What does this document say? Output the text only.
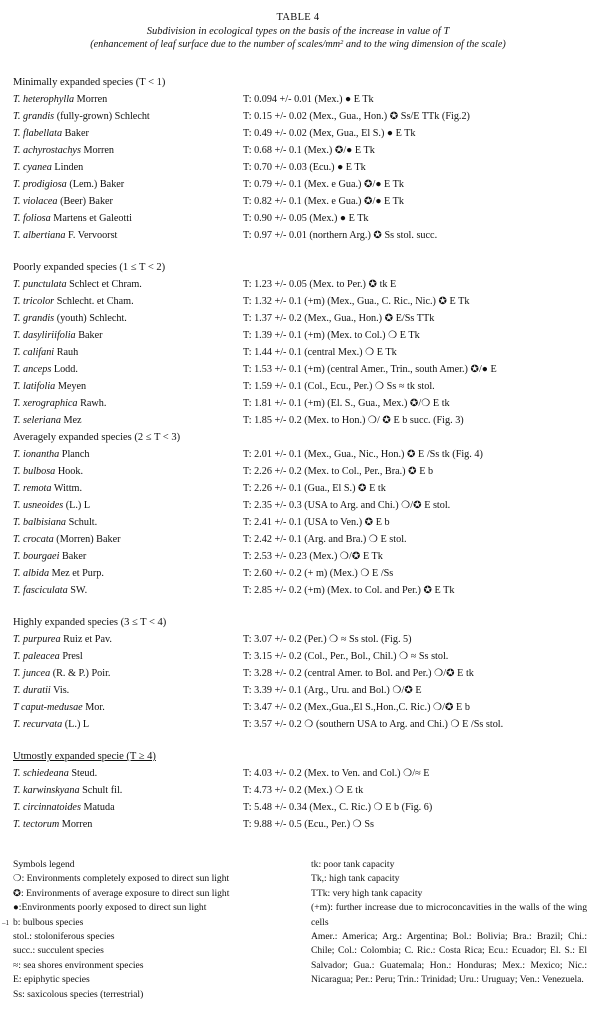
TABLE 4
Subdivision in ecological types on the basis of the increase in value of T
(enhancement of leaf surface due to the number of scales/$mm^2$ and to the wing dimension of the scale)
Minimally expanded species (T < 1)
T. heterophylla Morren	T: 0.094 +/- 0.01 (Mex.) ● E Tk
T. grandis (fully-grown) Schlecht	T: 0.15 +/- 0.02 (Mex., Gua., Hon.) ✪ Ss/E TTk (Fig.2)
T. flabellata Baker	T: 0.49 +/- 0.02 (Mex, Gua., El S.) ● E Tk
T. achyrostachys Morren	T: 0.68 +/- 0.1 (Mex.) ✪/● E Tk
T. cyanea Linden	T: 0.70 +/- 0.03 (Ecu.) ● E Tk
T. prodigiosa (Lem.) Baker	T: 0.79 +/- 0.1 (Mex. e Gua.) ✪/● E Tk
T. violacea (Beer) Baker	T: 0.82 +/- 0.1 (Mex. e Gua.) ✪/● E Tk
T. foliosa Martens et Galeotti	T: 0.90 +/- 0.05 (Mex.) ● E Tk
T. albertiana F. Vervoorst	T: 0.97 +/- 0.01 (northern Arg.) ✪ Ss stol. succ.
Poorly expanded species (1 ≤ T < 2)
T. punctulata Schlect et Chram.	T: 1.23 +/- 0.05 (Mex. to Per.) ✪ tk E
T. tricolor Schlecht. et Cham.	T: 1.32 +/- 0.1 (+m) (Mex., Gua., C. Ric., Nic.) ✪ E Tk
T. grandis (youth) Schlecht.	T: 1.37 +/- 0.2 (Mex., Gua., Hon.) ✪ E/Ss TTk
T. dasyliriifolia Baker	T: 1.39 +/- 0.1 (+m) (Mex. to Col.) ❍ E Tk
T. califani Rauh	T: 1.44 +/- 0.1 (central Mex.) ❍ E Tk
T. anceps Lodd.	T: 1.53 +/- 0.1 (+m) (central Amer., Trin., south Amer.) ✪/● E
T. latifolia Meyen	T: 1.59 +/- 0.1 (Col., Ecu., Per.) ❍ Ss ≈ tk stol.
T. xerographica Rawh.	T: 1.81 +/- 0.1 (+m) (El. S., Gua., Mex.) ✪/❍ E tk
T. seleriana Mez	T: 1.85 +/- 0.2 (Mex. to Hon.) ❍/ ✪ E b succ. (Fig. 3)
Averagely expanded species (2 ≤ T < 3)
T. ionantha Planch	T: 2.01 +/- 0.1 (Mex., Gua., Nic., Hon.) ✪ E /Ss tk (Fig. 4)
T. bulbosa Hook.	T: 2.26 +/- 0.2 (Mex. to Col., Per., Bra.) ✪ E b
T. remota Wittm.	T: 2.26 +/- 0.1 (Gua., El S.) ✪ E tk
T. usneoides (L.) L	T: 2.35 +/- 0.3 (USA to Arg. and Chi.) ❍/✪ E stol.
T. balbisiana Schult.	T: 2.41 +/- 0.1 (USA to Ven.) ✪ E b
T. crocata (Morren) Baker	T: 2.42 +/- 0.1 (Arg. and Bra.) ❍ E stol.
T. bourgaei Baker	T: 2.53 +/- 0.23 (Mex.) ❍/✪ E Tk
T. albida Mez et Purp.	T: 2.60 +/- 0.2 (+ m) (Mex.) ❍ E /Ss
T. fasciculata SW.	T: 2.85 +/- 0.2 (+m) (Mex. to Col. and Per.) ✪ E Tk
Highly expanded species (3 ≤ T < 4)
T. purpurea Ruiz et Pav.	T: 3.07 +/- 0.2 (Per.) ❍ ≈ Ss stol. (Fig. 5)
T. paleacea Presl	T: 3.15 +/- 0.2 (Col., Per., Bol., Chil.) ❍ ≈ Ss stol.
T. juncea (R. & P.) Poir.	T: 3.28 +/- 0.2 (central Amer. to Bol. and Per.) ❍/✪ E tk
T. duratii Vis.	T: 3.39 +/- 0.1 (Arg., Uru. and Bol.) ❍/✪ E
T caput-medusae Mor.	T: 3.47 +/- 0.2 (Mex.,Gua.,El S.,Hon.,C. Ric.) ❍/✪ E b
T. recurvata (L.) L	T: 3.57 +/- 0.2 ❍ (southern USA to Arg. and Chi.) ❍ E /Ss stol.
Utmostly expanded specie (T ≥ 4)
T. schiedeana Steud.	T: 4.03 +/- 0.2 (Mex. to Ven. and Col.) ❍/≈ E
T. karwinskyana Schult fil.	T: 4.73 +/- 0.2 (Mex.) ❍ E tk
T. circinnatoides Matuda	T: 5.48 +/- 0.34 (Mex., C. Ric.) ❍ E b (Fig. 6)
T. tectorum Morren	T: 9.88 +/- 0.5 (Ecu., Per.) ❍ Ss
Symbols legend
❍: Environments completely exposed to direct sun light
✪: Environments of average exposure to direct sun light
●:Environments poorly exposed to direct sun light
b: bulbous species
stol.: stoloniferous species
succ.: succulent species
≈: sea shores environment species
E: epiphytic species
Ss: saxicolous species (terrestrial)
–1
tk: poor tank capacity
Tk,: high tank capacity
TTk: very high tank capacity
(+m): further increase due to microconcavities in the walls of the wing cells
Amer.: America; Arg.: Argentina; Bol.: Bolivia; Bra.: Brazil; Chi.: Chile; Col.: Colombia; C. Ric.: Costa Rica; Ecu.: Ecuador; El. S.: El Salvador; Gua.: Guatemala; Hon.: Honduras; Mex.: Mexico; Nic.: Nicaragua; Per.: Peru; Trin.: Trinidad; Uru.: Uruguay; Ven.: Venezuela.
